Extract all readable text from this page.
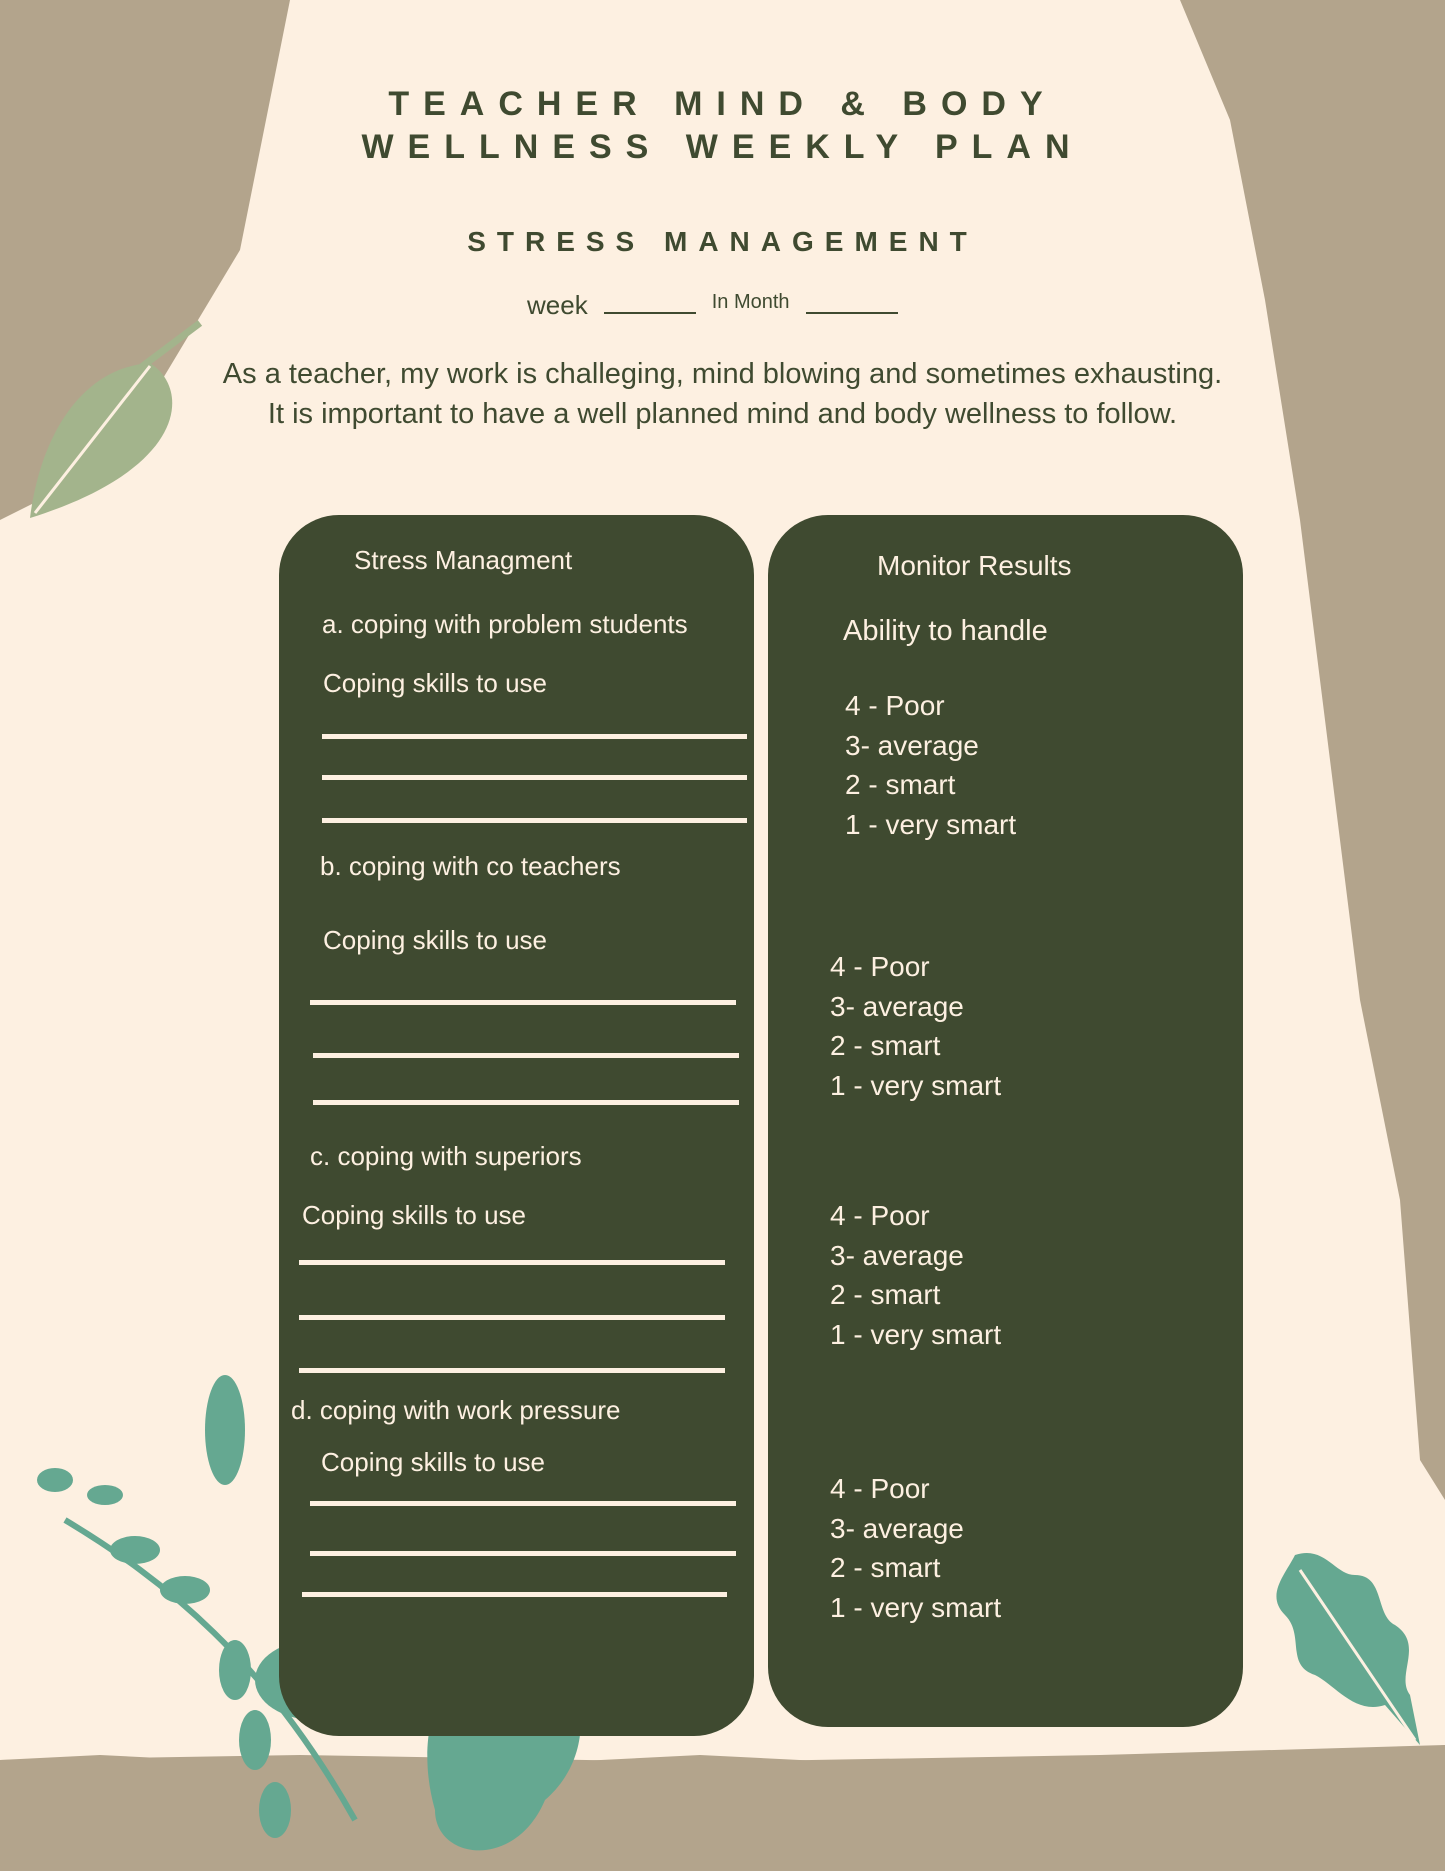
TEACHER MIND & BODY
WELLNESS WEEKLY PLAN
STRESS MANAGEMENT
week	$^{In Month}$
As a teacher, my work is challeging, mind blowing and sometimes exhausting.
It is important to have a well planned mind and body wellness to follow.
Stress Managment
a. coping with problem students
Coping skills to use
b. coping with co teachers
Coping skills to use
c. coping with superiors
Coping skills to use
d. coping with work pressure
Coping skills to use
Monitor Results
Ability to handle
4 - Poor
3- average
2 - smart
1 - very smart
4 - Poor
3- average
2 - smart
1 - very smart
4 - Poor
3- average
2 - smart
1 - very smart
4 - Poor
3- average
2 - smart
1 - very smart
